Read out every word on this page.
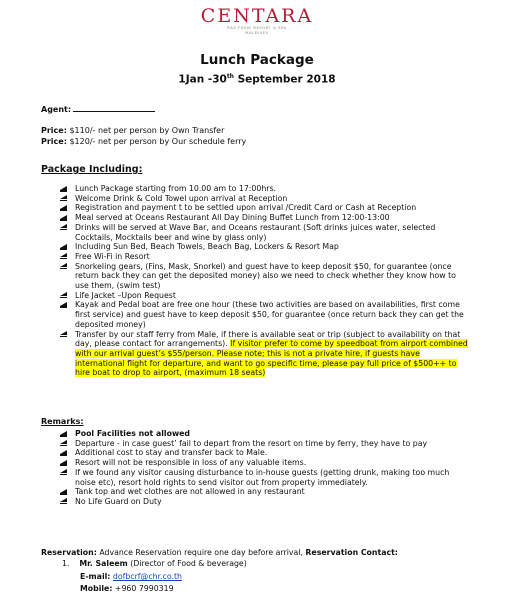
CENTARA
RAS FUSHI RESORT & SPA
MALDIVES
Lunch Package
1Jan -30th September 2018
Agent:
Price: $110/- net per person by Own Transfer
Price: $120/- net per person by Our schedule ferry
Package Including:
Lunch Package starting from 10.00 am to 17:00hrs.
Welcome Drink & Cold Towel upon arrival at Reception
Registration and payment t to be settled upon arrival /Credit Card or Cash at Reception
Meal served at Oceans Restaurant All Day Dining Buffet Lunch from 12:00-13:00
Drinks will be served at Wave Bar, and Oceans restaurant (Soft drinks juices water, selected Cocktails, Mocktails beer and wine by glass only)
Including Sun Bed, Beach Towels, Beach Bag, Lockers & Resort Map
Free Wi-Fi in Resort
Snorkeling gears, (Fins, Mask, Snorkel) and guest have to keep deposit $50, for guarantee (once return back they can get the deposited money) also we need to check whether they know how to use them, (swim test)
Life Jacket –Upon Request
Kayak and Pedal boat are free one hour (these two activities are based on availabilities, first come first service) and guest have to keep deposit $50, for guarantee (once return back they can get the deposited money)
Transfer by our staff ferry from Male, if there is available seat or trip (subject to availability on that day, please contact for arrangements). If visitor prefer to come by speedboat from airport combined with our arrival guest’s $55/person. Please note; this is not a private hire, if guests have international flight for departure, and want to go specific time, please pay full price of $500++ to hire boat to drop to airport, (maximum 18 seats)
Remarks:
Pool Facilities not allowed
Departure - in case guest’ fail to depart from the resort on time by ferry, they have to pay
Additional cost to stay and transfer back to Male.
Resort will not be responsible in loss of any valuable items.
If we found any visitor causing disturbance to in-house guests (getting drunk, making too much noise etc), resort hold rights to send visitor out from property immediately.
Tank top and wet clothes are not allowed in any restaurant
No Life Guard on Duty
Reservation: Advance Reservation require one day before arrival, Reservation Contact:
1. Mr. Saleem (Director of Food & beverage)
E-mail: dofbcrf@chr.co.th
Mobile: +960 7990319
